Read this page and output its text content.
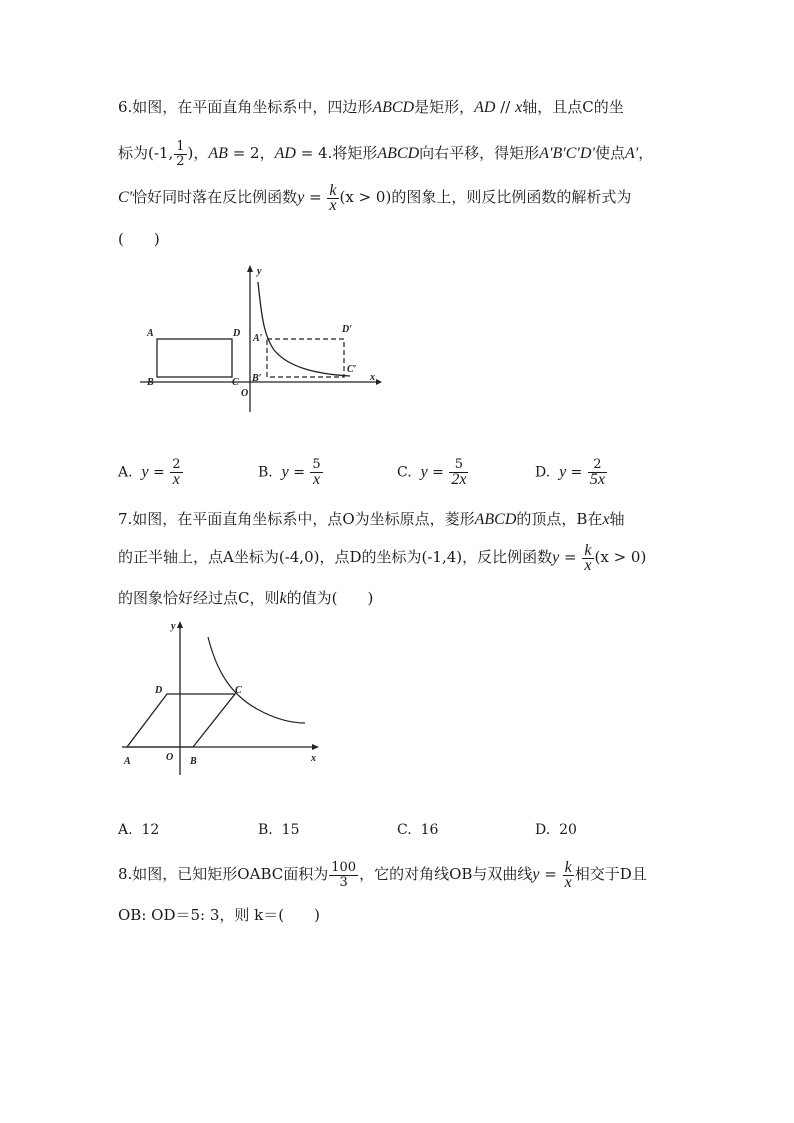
6.如图，在平面直角坐标系中，四边形ABCD是矩形，AD // x轴，且点C的坐
标为(-1, $\frac{1}{2}$ )，AB = 2，AD = 4.将矩形ABCD向右平移，得矩形A′B′C′D′使点A′，
C′恰好同时落在反比例函数$y = \frac{k}{x} (x > 0)$的图象上，则反比例函数的解析式为
(　　)
y
x
O
A
B	C
D A′
B′
C′
D′
A. $y = \frac{2}{x}$	B. $y = \frac{5}{x}$	C. $y = \frac{5}{2x}$	D. $y = \frac{2}{5x}$
7.如图，在平面直角坐标系中，点O为坐标原点，菱形ABCD的顶点，B在x轴
的正半轴上，点A坐标为(-4,0)，点D的坐标为(-1,4)，反比例函数$y = \frac{k}{x} (x > 0)$
的图象恰好经过点C，则k的值为(　　)
y
x
O
A	B
C
D
A. 12	B. 15	C. 16	D. 20
8.如图，已知矩形OABC面积为 $\frac{100}{3}$ ，它的对角线OB与双曲线$y = \frac{k}{x}$ 相交于D且
OB: OD＝5: 3，则 k＝(　　)
